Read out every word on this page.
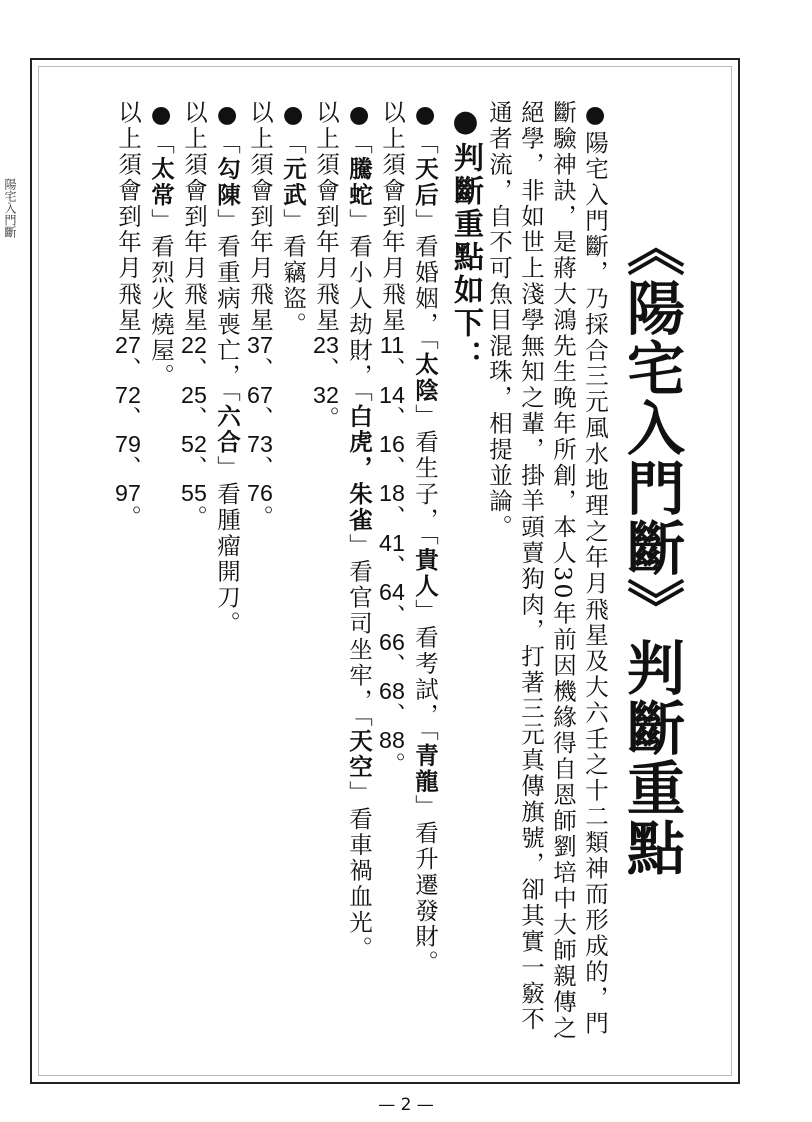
陽宅入門斷
《陽宅入門斷》判斷重點
●陽宅入門斷，乃採合三元風水地理之年月飛星及大六壬之十二類神而形成的，門
斷驗神訣，是蔣大鴻先生晚年所創，本人30年前因機緣得自恩師劉培中大師親傳之
絕學，非如世上淺學無知之輩，掛羊頭賣狗肉，打著三元真傳旗號，卻其實一竅不
通者流，自不可魚目混珠，相提並論。
●判斷重點如下：
●「天后」看婚姻，「太陰」看生子，「貴人」看考試，「青龍」看升遷發財。
以上須會到年月飛星11、14、16、18、41、64、66、68、88。
●「騰蛇」看小人劫財，「白虎，朱雀」看官司坐牢，「天空」看車禍血光。
以上須會到年月飛星23、32。
●「元武」看竊盜。
以上須會到年月飛星37、67、73、76。
●「勾陳」看重病喪亡，「六合」看腫瘤開刀。
以上須會到年月飛星22、25、52、55。
●「太常」看烈火燒屋。
以上須會到年月飛星27、72、79、97。
— 2 —
